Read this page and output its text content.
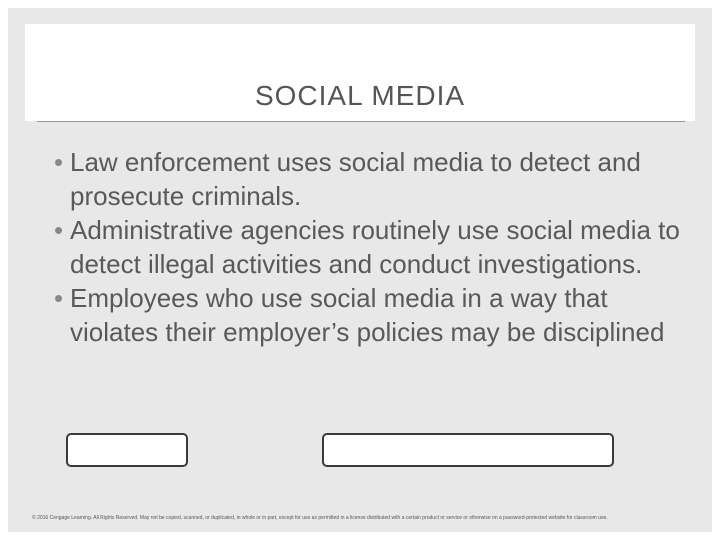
SOCIAL MEDIA
• Law enforcement uses social media to detect and prosecute criminals.
• Administrative agencies routinely use social media to detect illegal activities and conduct investigations.
• Employees who use social media in a way that violates their employer’s policies may be disciplined
© 2016 Cengage Learning. All Rights Reserved. May not be copied, scanned, or duplicated, in whole or in part, except for use as permitted in a license distributed with a certain product or service or otherwise on a password-protected website for classroom use.
